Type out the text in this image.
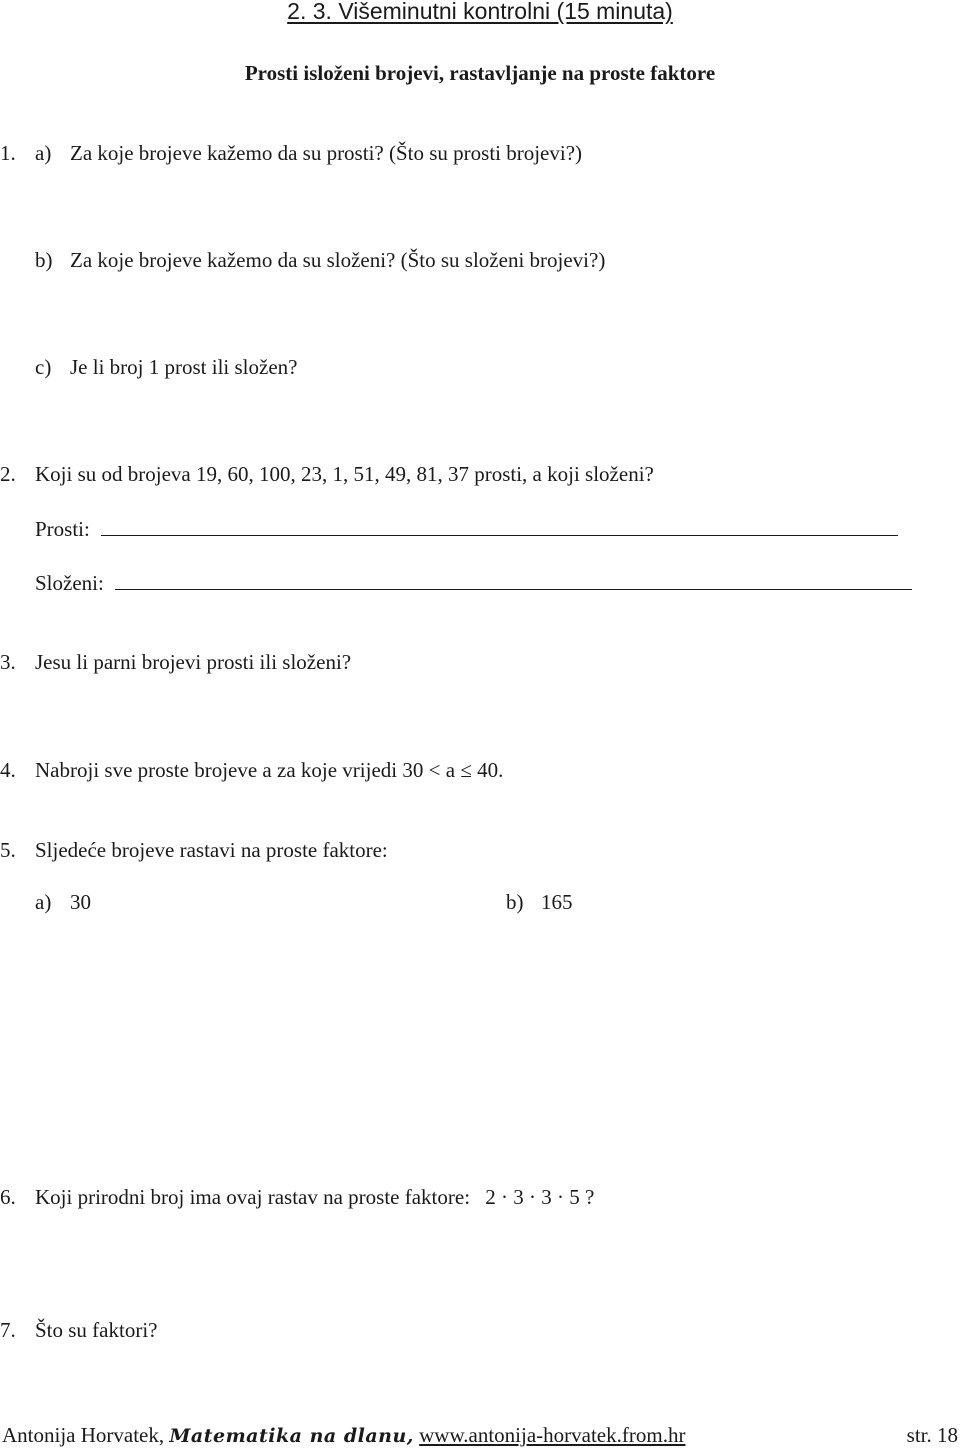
2. 3. Višeminutni kontrolni (15 minuta)
Prosti isloženi brojevi, rastavljanje na proste faktore
1. a) Za koje brojeve kažemo da su prosti? (Što su prosti brojevi?)
b) Za koje brojeve kažemo da su složeni? (Što su složeni brojevi?)
c) Je li broj 1 prost ili složen?
2. Koji su od brojeva 19, 60, 100, 23, 1, 51, 49, 81, 37 prosti, a koji složeni?
Prosti:
Složeni:
3. Jesu li parni brojevi prosti ili složeni?
4. Nabroji sve proste brojeve a za koje vrijedi 30 < a ≤ 40.
5. Sljedeće brojeve rastavi na proste faktore:
a) 30	b) 165
6. Koji prirodni broj ima ovaj rastav na proste faktore: 2 · 3 · 3 · 5 ?
7. Što su faktori?
Antonija Horvatek, Matematika na dlanu, www.antonija-horvatek.from.hr	str. 18
